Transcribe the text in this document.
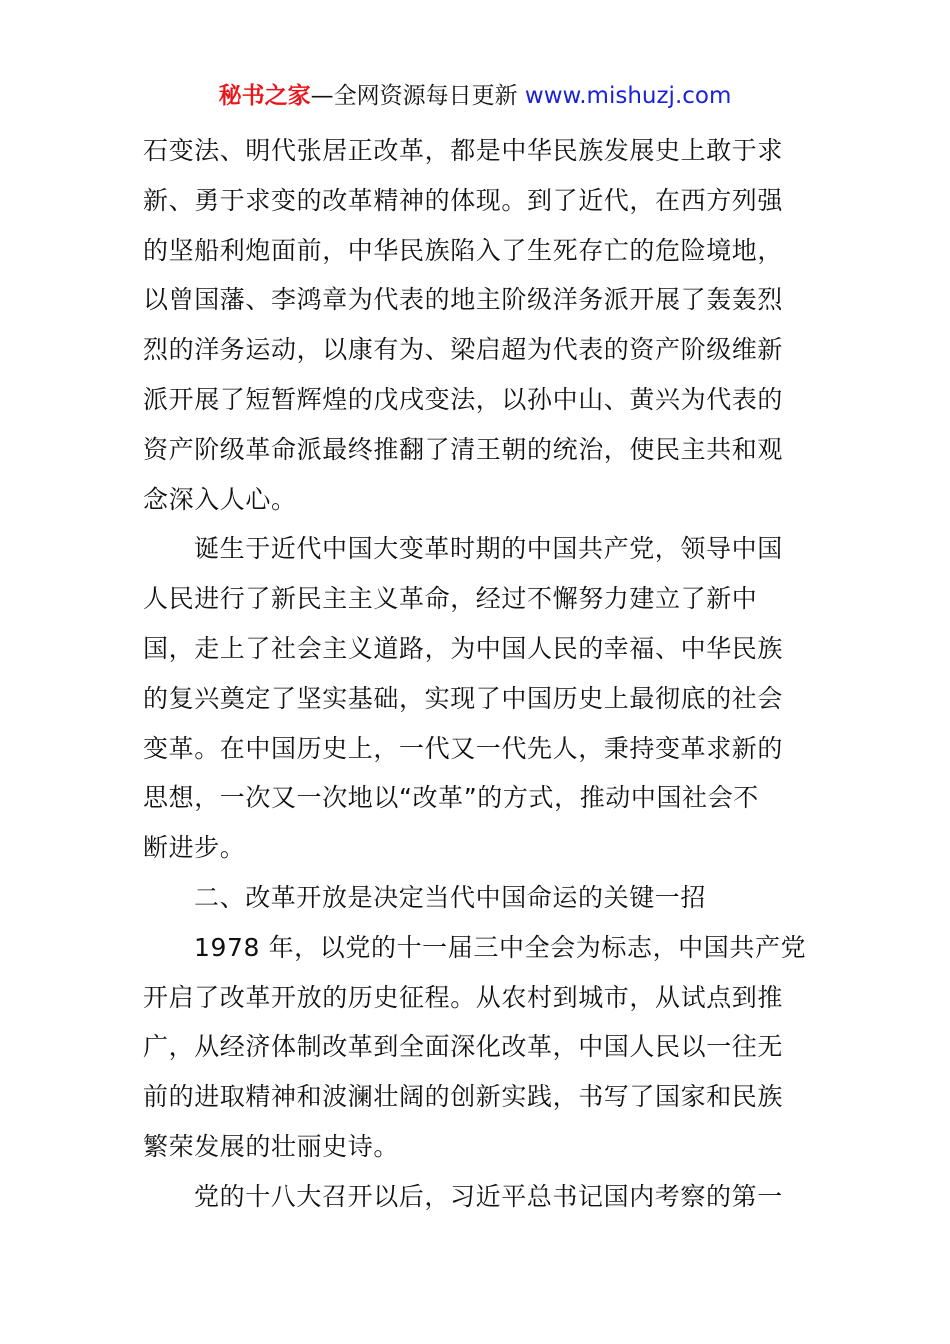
秘书之家—全网资源每日更新 www.mishuzj.com
石变法、明代张居正改革，都是中华民族发展史上敢于求
新、勇于求变的改革精神的体现。到了近代，在西方列强
的坚船利炮面前，中华民族陷入了生死存亡的危险境地，
以曾国藩、李鸿章为代表的地主阶级洋务派开展了轰轰烈
烈的洋务运动，以康有为、梁启超为代表的资产阶级维新
派开展了短暂辉煌的戊戌变法，以孙中山、黄兴为代表的
资产阶级革命派最终推翻了清王朝的统治，使民主共和观
念深入人心。
诞生于近代中国大变革时期的中国共产党，领导中国
人民进行了新民主主义革命，经过不懈努力建立了新中
国，走上了社会主义道路，为中国人民的幸福、中华民族
的复兴奠定了坚实基础，实现了中国历史上最彻底的社会
变革。在中国历史上，一代又一代先人，秉持变革求新的
思想，一次又一次地以“改革”的方式，推动中国社会不
断进步。
二、改革开放是决定当代中国命运的关键一招
1978 年，以党的十一届三中全会为标志，中国共产党
开启了改革开放的历史征程。从农村到城市，从试点到推
广，从经济体制改革到全面深化改革，中国人民以一往无
前的进取精神和波澜壮阔的创新实践，书写了国家和民族
繁荣发展的壮丽史诗。
党的十八大召开以后，习近平总书记国内考察的第一
